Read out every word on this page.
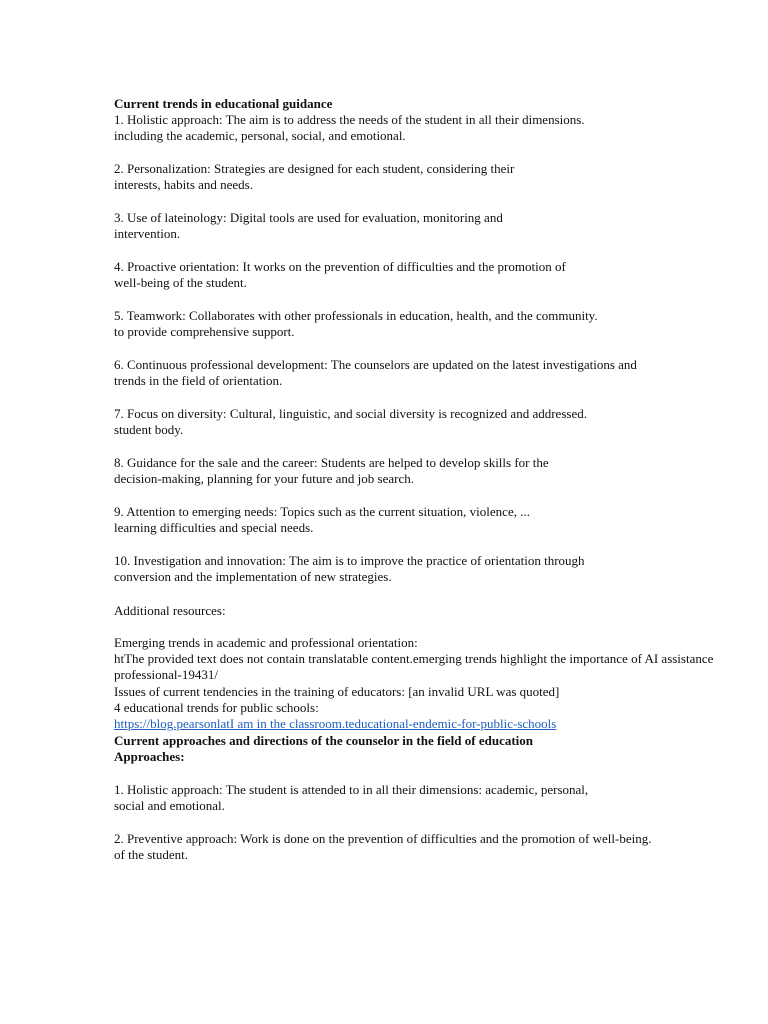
Current trends in educational guidance
1. Holistic approach: The aim is to address the needs of the student in all their dimensions.
including the academic, personal, social, and emotional.
2. Personalization: Strategies are designed for each student, considering their
interests, habits and needs.
3. Use of lateinology: Digital tools are used for evaluation, monitoring and
intervention.
4. Proactive orientation: It works on the prevention of difficulties and the promotion of
well-being of the student.
5. Teamwork: Collaborates with other professionals in education, health, and the community.
to provide comprehensive support.
6. Continuous professional development: The counselors are updated on the latest investigations and
trends in the field of orientation.
7. Focus on diversity: Cultural, linguistic, and social diversity is recognized and addressed.
student body.
8. Guidance for the sale and the career: Students are helped to develop skills for the
decision-making, planning for your future and job search.
9. Attention to emerging needs: Topics such as the current situation, violence, ...
learning difficulties and special needs.
10. Investigation and innovation: The aim is to improve the practice of orientation through
conversion and the implementation of new strategies.
Additional resources:
Emerging trends in academic and professional orientation:
htThe provided text does not contain translatable content.emerging trends highlight the importance of AI assistance
professional-19431/
Issues of current tendencies in the training of educators: [an invalid URL was quoted]
4 educational trends for public schools:
https://blog.pearsonlatI am in the classroom.teducational-endemic-for-public-schools
Current approaches and directions of the counselor in the field of education
Approaches:
1. Holistic approach: The student is attended to in all their dimensions: academic, personal,
social and emotional.
2. Preventive approach: Work is done on the prevention of difficulties and the promotion of well-being.
of the student.
